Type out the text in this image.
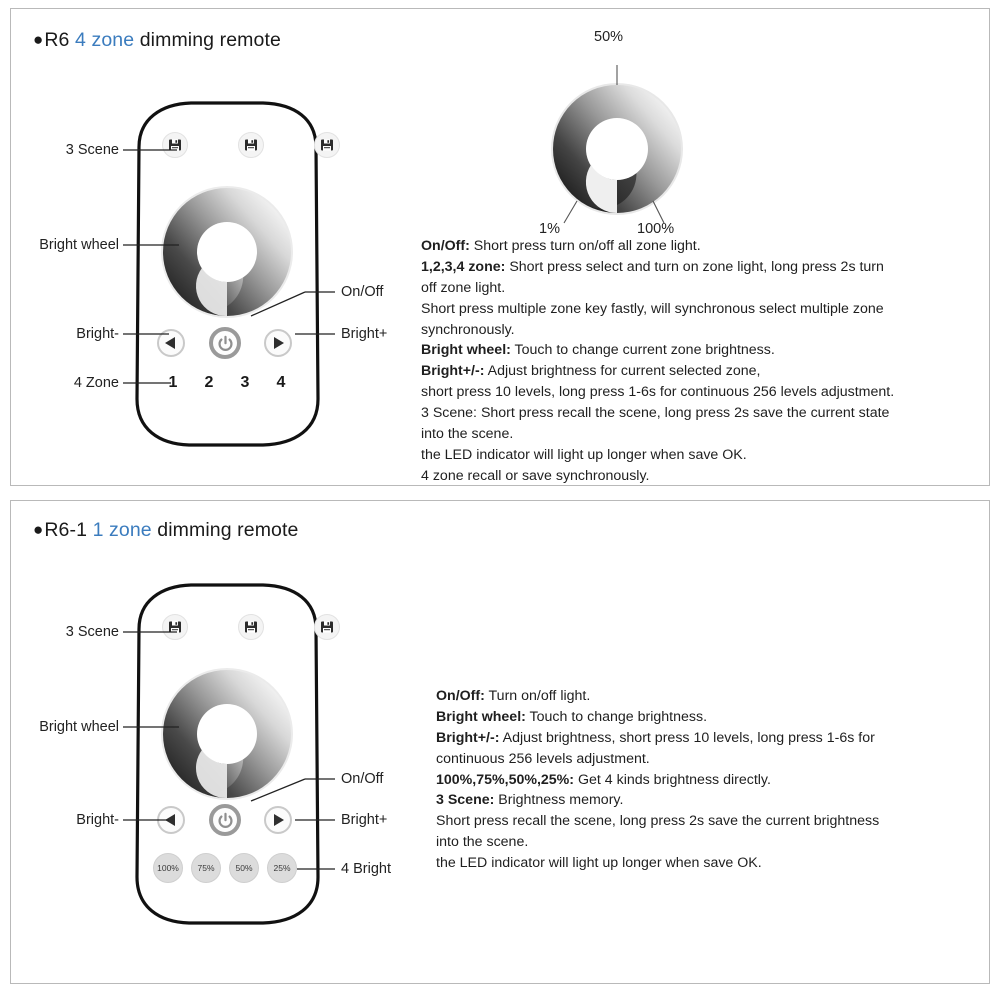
●R6 4 zone dimming remote
1 2 3 4
3 Scene
Bright wheel
Bright-
4 Zone
On/Off
Bright+
50%
1%	100%

On/Off: Short press turn on/off all zone light.

1,2,3,4 zone: Short press select and turn on zone light, long press 2s turn

off zone light.

Short press multiple zone key fastly, will synchronous select multiple zone

synchronously.

Bright wheel: Touch to change current zone brightness.

Bright+/-: Adjust brightness for current selected zone,

short press 10 levels, long press 1-6s for continuous 256 levels adjustment.

3 Scene: Short press recall the scene, long press 2s save the current state

into the scene.

the LED indicator will light up longer when save OK.

4 zone recall or save synchronously.

●R6-1 1 zone dimming remote
100%	75%	50%	25%
3 Scene
Bright wheel
Bright-
On/Off
Bright+
4 Bright

On/Off: Turn on/off light.

Bright wheel: Touch to change brightness.

Bright+/-: Adjust brightness, short press 10 levels, long press 1-6s for

continuous 256 levels adjustment.

100%,75%,50%,25%: Get 4 kinds brightness directly.

3 Scene: Brightness memory.

Short press recall the scene, long press 2s save the current brightness

into the scene.

the LED indicator will light up longer when save OK.
